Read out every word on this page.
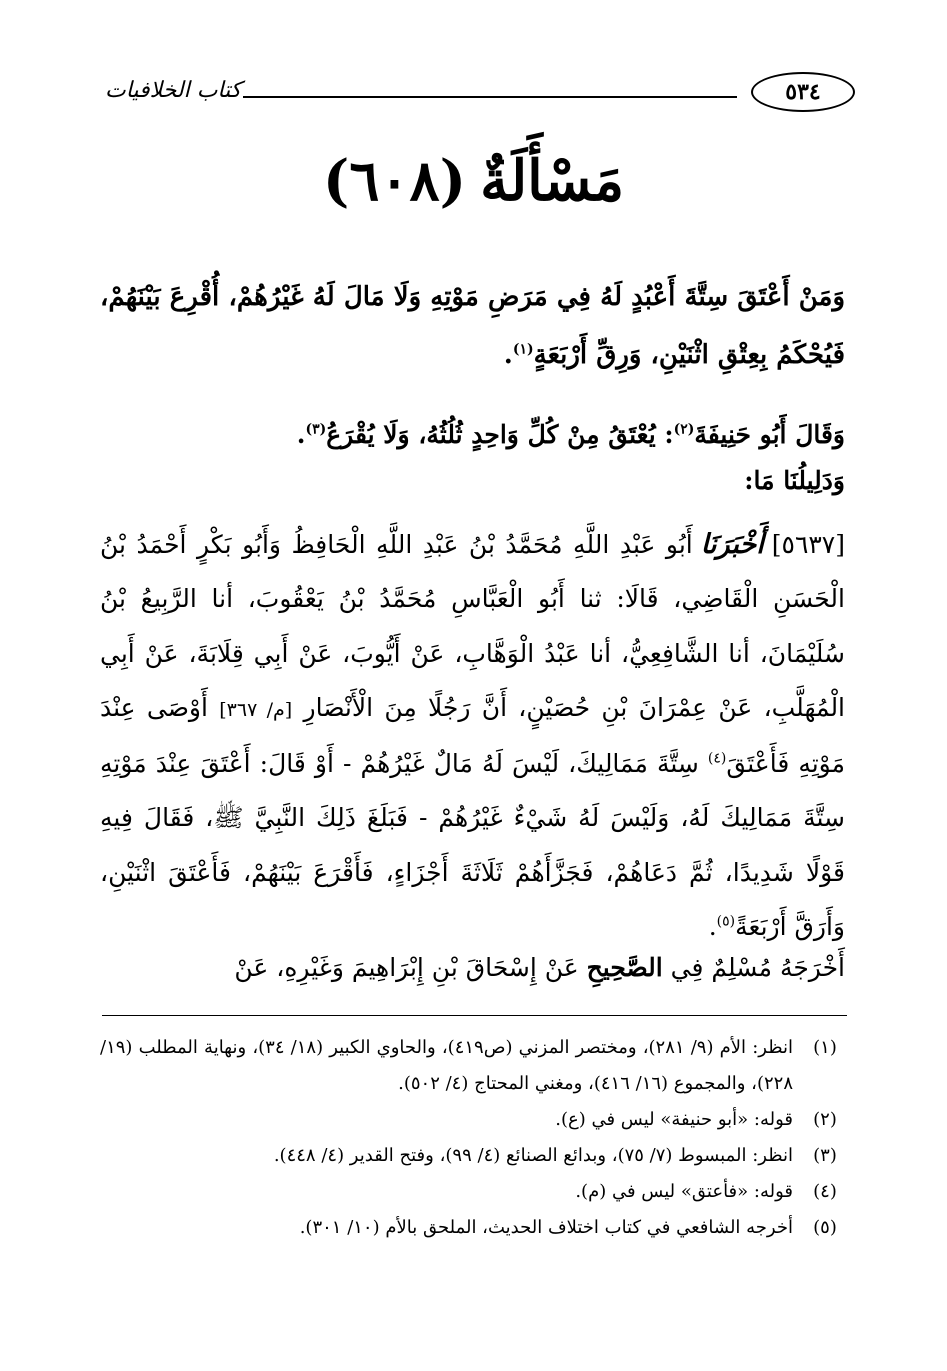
كتاب الخلافيات	٥٣٤
مَسْأَلَةٌ(٦٠٨)
وَمَنْ أَعْتَقَ سِتَّةَ أَعْبُدٍ لَهُ فِي مَرَضِ مَوْتِهِ وَلَا مَالَ لَهُ غَيْرُهُمْ، أُقْرِعَ بَيْنَهُمْ، فَيُحْكَمُ بِعِتْقِ اثْنَيْنِ، وَرِقِّ أَرْبَعَةٍ$^{(١)}$.
وَقَالَ أَبُو حَنِيفَةَ$^{(٢)}$: يُعْتَقُ مِنْ كُلِّ وَاحِدٍ ثُلُثُهُ، وَلَا يُقْرَعُ$^{(٣)}$.
وَدَلِيلُنَا مَا:
[٥٦٣٧]أَخْبَرَنَاأَبُو عَبْدِ اللَّهِ مُحَمَّدُ بْنُ عَبْدِ اللَّهِ الْحَافِظُ وَأَبُو بَكْرٍ أَحْمَدُ بْنُ الْحَسَنِ الْقَاضِي، قَالَا: ثنا أَبُو الْعَبَّاسِ مُحَمَّدُ بْنُ يَعْقُوبَ، أنا الرَّبِيعُ بْنُ سُلَيْمَانَ، أنا الشَّافِعِيُّ، أنا عَبْدُ الْوَهَّابِ، عَنْ أَيُّوبَ، عَنْ أَبِي قِلَابَةَ، عَنْ أَبِي الْمُهَلَّبِ، عَنْ عِمْرَانَ بْنِ حُصَيْنٍ، أَنَّ رَجُلًا مِنَ الْأَنْصَارِ [م/ ٣٦٧] أَوْصَى عِنْدَ مَوْتِهِ فَأَعْتَقَ$^{(٤)}$ سِتَّةَ مَمَالِيكَ، لَيْسَ لَهُ مَالٌ غَيْرُهُمْ - أَوْ قَالَ: أَعْتَقَ عِنْدَ مَوْتِهِ سِتَّةَ مَمَالِيكَ لَهُ، وَلَيْسَ لَهُ شَيْءٌ غَيْرُهُمْ - فَبَلَغَ ذَلِكَ النَّبِيَّ ﷺ، فَقَالَ فِيهِ قَوْلًا شَدِيدًا، ثُمَّ دَعَاهُمْ، فَجَزَّأَهُمْ ثَلَاثَةَ أَجْزَاءٍ، فَأَقْرَعَ بَيْنَهُمْ، فَأَعْتَقَ اثْنَيْنِ، وَأَرَقَّ أَرْبَعَةً$^{(٥)}$.
أَخْرَجَهُ مُسْلِمٌ فِي الصَّحِيحِ عَنْ إِسْحَاقَ بْنِ إِبْرَاهِيمَ وَغَيْرِهِ، عَنْ
(١)
انظر: الأم (٩/ ٢٨١)، ومختصر المزني (ص٤١٩)، والحاوي الكبير (١٨/ ٣٤)، ونهاية المطلب (١٩/ ٢٢٨)، والمجموع (١٦/ ٤١٦)، ومغني المحتاج (٤/ ٥٠٢).
(٢)
قوله: «أبو حنيفة» ليس في (ع).
(٣)
انظر: المبسوط (٧/ ٧٥)، وبدائع الصنائع (٤/ ٩٩)، وفتح القدير (٤/ ٤٤٨).
(٤)
قوله: «فأعتق» ليس في (م).
(٥)
أخرجه الشافعي في كتاب اختلاف الحديث، الملحق بالأم (١٠/ ٣٠١).
